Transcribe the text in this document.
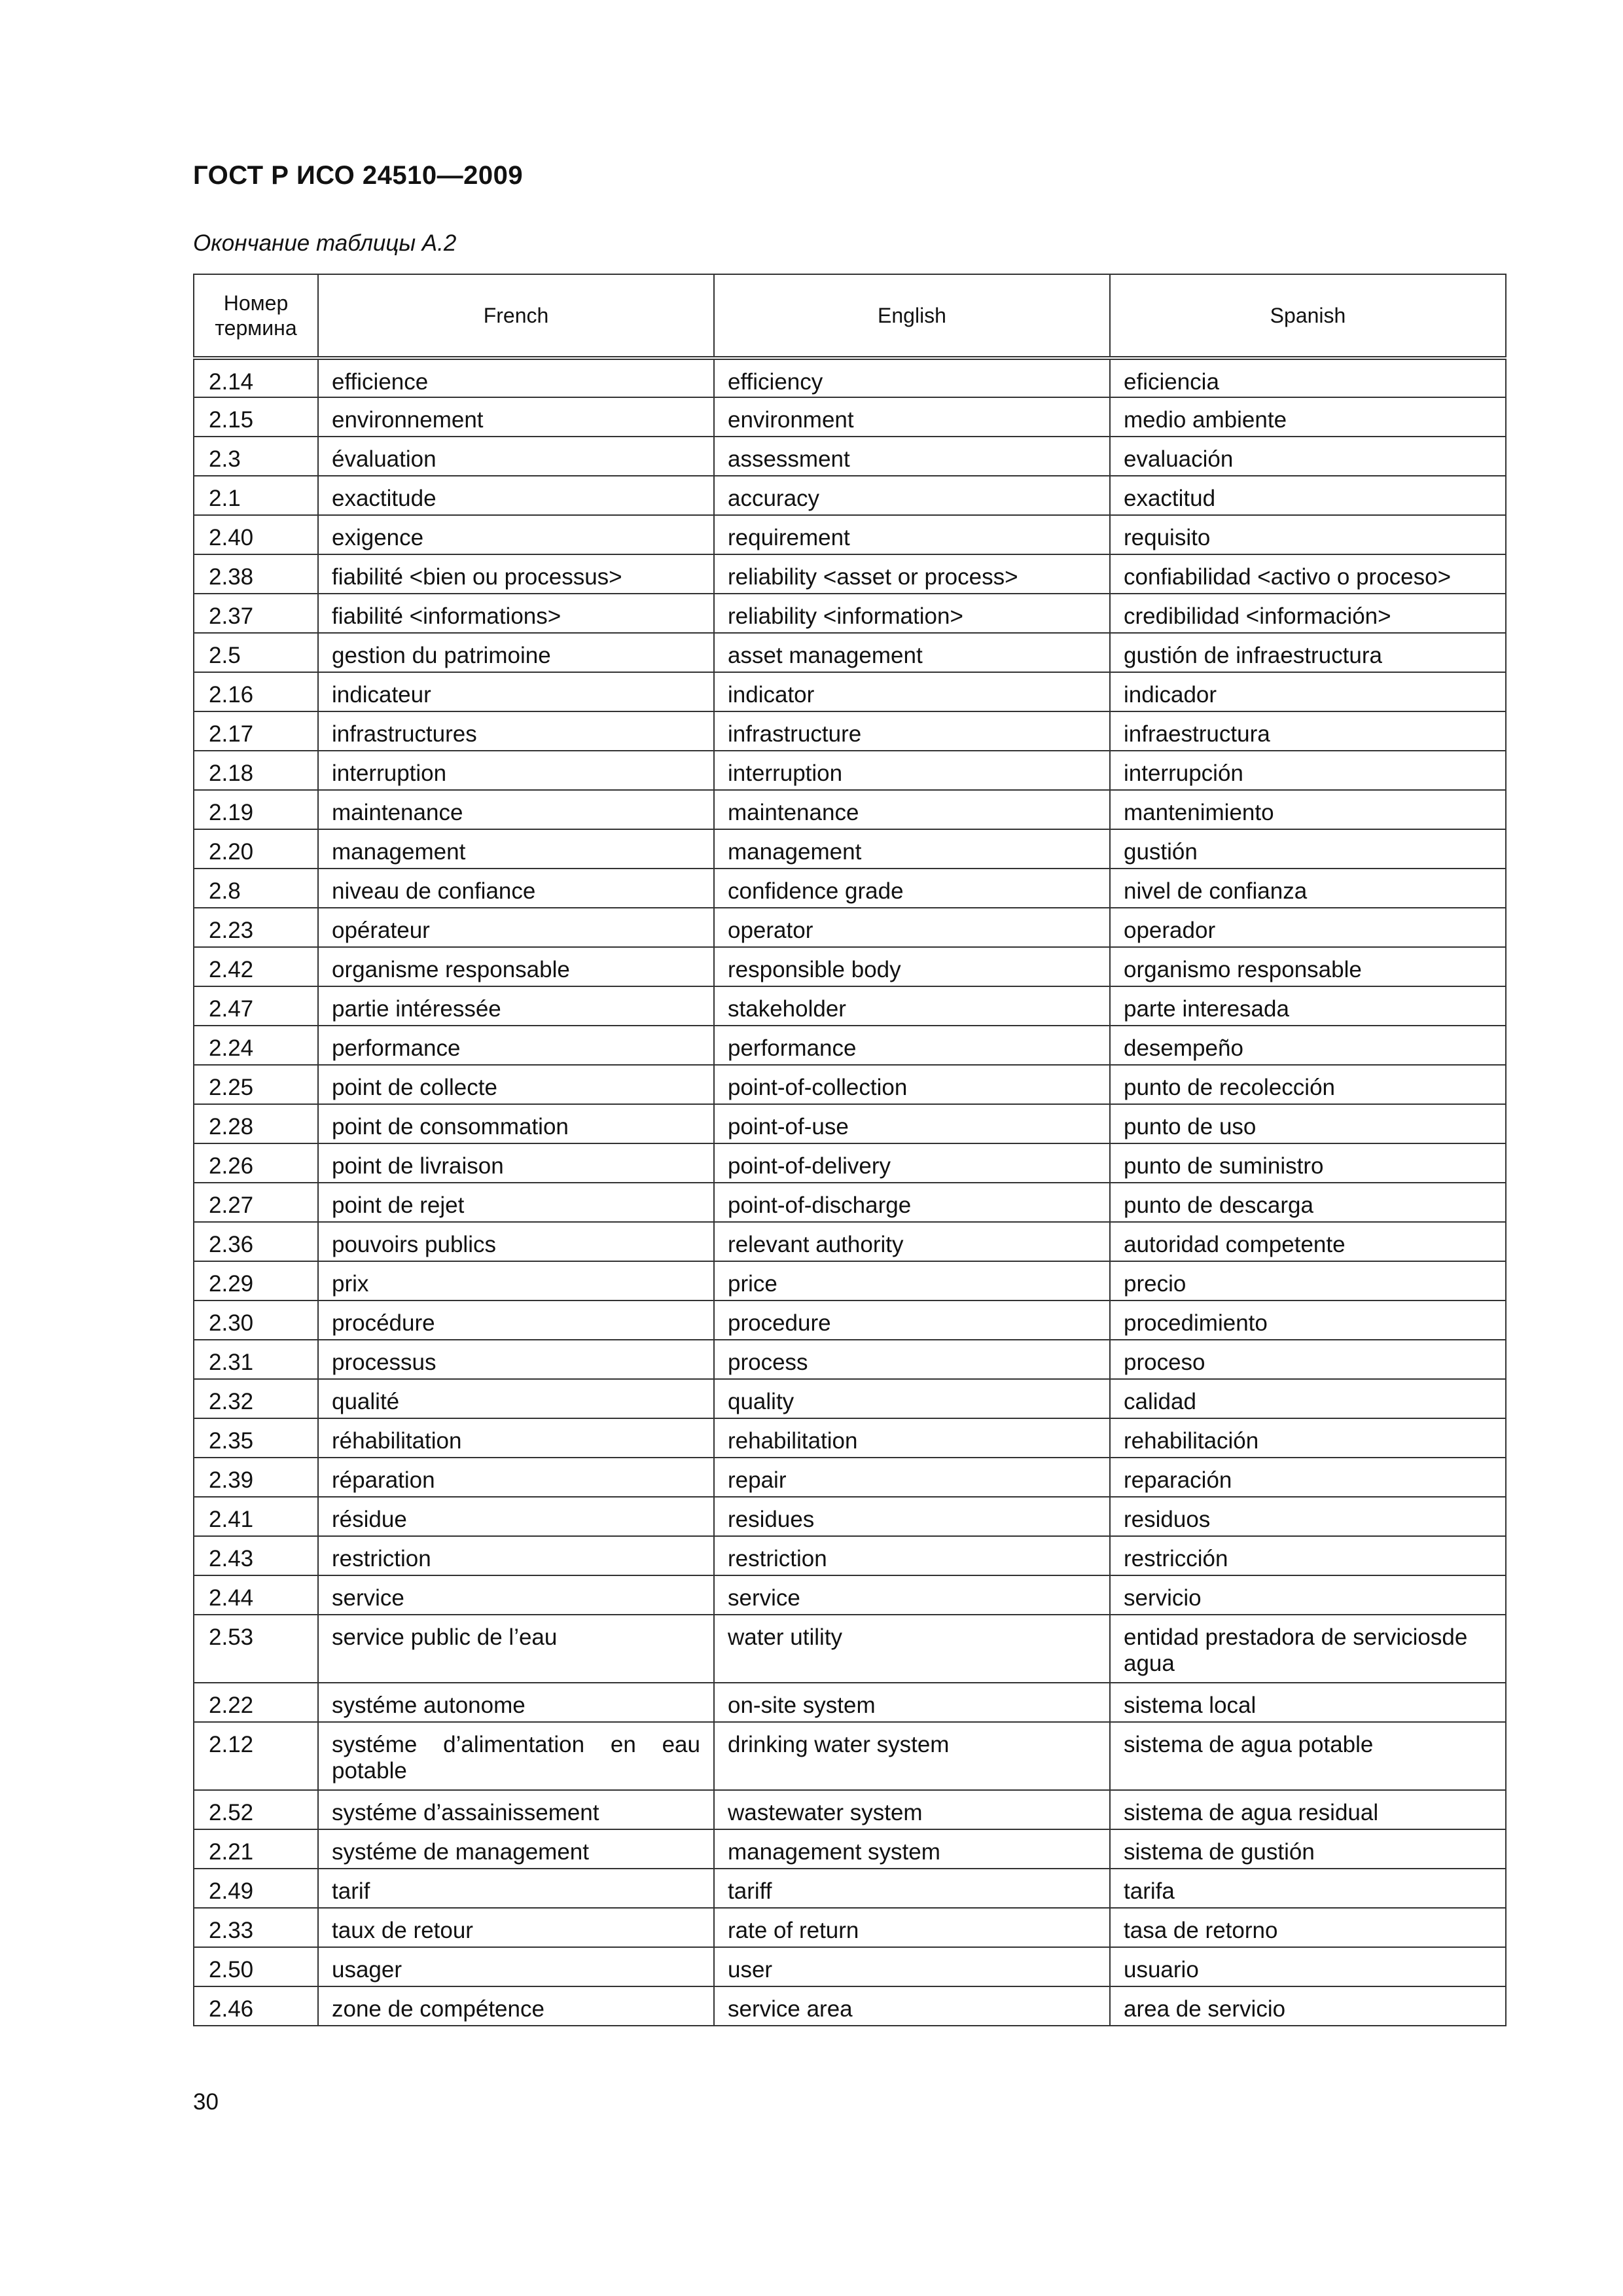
ГОСТ Р ИСО 24510—2009
Окончание таблицы А.2
Номер термина	French	English	Spanish
2.14	efficience	efficiency	eficiencia
2.15	environnement	environment	medio ambiente
2.3	évaluation	assessment	evaluación
2.1	exactitude	accuracy	exactitud
2.40	exigence	requirement	requisito
2.38	fiabilité <bien ou processus>	reliability <asset or process>	confiabilidad <activo o proceso>
2.37	fiabilité <informations>	reliability <information>	credibilidad <información>
2.5	gestion du patrimoine	asset management	gustión de infraestructura
2.16	indicateur	indicator	indicador
2.17	infrastructures	infrastructure	infraestructura
2.18	interruption	interruption	interrupción
2.19	maintenance	maintenance	mantenimiento
2.20	management	management	gustión
2.8	niveau de confiance	confidence grade	nivel de confianza
2.23	opérateur	operator	operador
2.42	organisme responsable	responsible body	organismo responsable
2.47	partie intéressée	stakeholder	parte interesada
2.24	performance	performance	desempeño
2.25	point de collecte	point-of-collection	punto de recolección
2.28	point de consommation	point-of-use	punto de uso
2.26	point de livraison	point-of-delivery	punto de suministro
2.27	point de rejet	point-of-discharge	punto de descarga
2.36	pouvoirs publics	relevant authority	autoridad competente
2.29	prix	price	precio
2.30	procédure	procedure	procedimiento
2.31	processus	process	proceso
2.32	qualité	quality	calidad
2.35	réhabilitation	rehabilitation	rehabilitación
2.39	réparation	repair	reparación
2.41	résidue	residues	residuos
2.43	restriction	restriction	restricción
2.44	service	service	servicio
2.53	service public de l’eau	water utility	entidad prestadora de serviciosde agua
2.22	systéme autonome	on-site system	sistema local
2.12	systéme d’alimentation en eau potable	drinking water system	sistema de agua potable
2.52	systéme d’assainissement	wastewater system	sistema de agua residual
2.21	systéme de management	management system	sistema de gustión
2.49	tarif	tariff	tarifa
2.33	taux de retour	rate of return	tasa de retorno
2.50	usager	user	usuario
2.46	zone de compétence	service area	area de servicio
30
